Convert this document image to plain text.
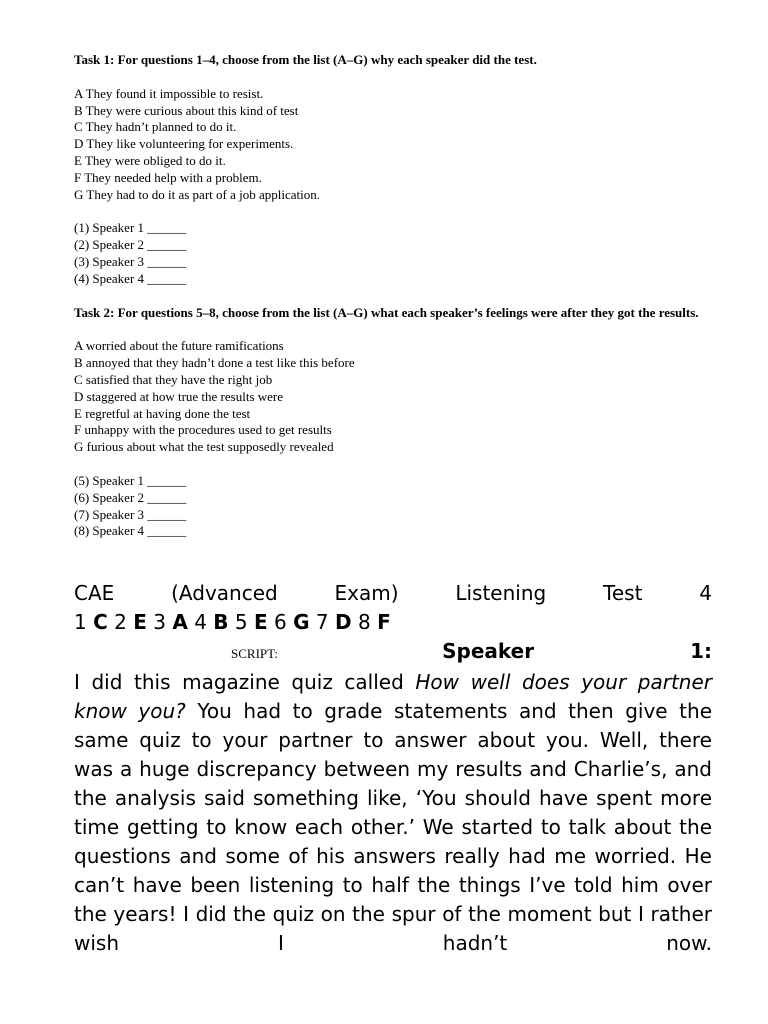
Task 1: For questions 1–4, choose from the list (A–G) why each speaker did the test.
A They found it impossible to resist.
B They were curious about this kind of test
C They hadn’t planned to do it.
D They like volunteering for experiments.
E They were obliged to do it.
F They needed help with a problem.
G They had to do it as part of a job application.
(1) Speaker 1 ______
(2) Speaker 2 ______
(3) Speaker 3 ______
(4) Speaker 4 ______
Task 2: For questions 5–8, choose from the list (A–G) what each speaker’s feelings were after they got the results.
A worried about the future ramifications
B annoyed that they hadn’t done a test like this before
C satisfied that they have the right job
D staggered at how true the results were
E regretful at having done the test
F unhappy with the procedures used to get results
G furious about what the test supposedly revealed
(5) Speaker 1 ______
(6) Speaker 2 ______
(7) Speaker 3 ______
(8) Speaker 4 ______
CAE	(Advanced	Exam)	Listening	Test	4
1 C 2 E 3 A 4 B 5 E 6 G 7 D 8 F
SCRIPT:	Speaker	1:
I did this magazine quiz called How well does your partner know you? You had to grade statements and then give the same quiz to your partner to answer about you. Well, there was a huge discrepancy between my results and Charlie’s, and the analysis said something like, ‘You should have spent more time getting to know each other.’ We started to talk about the questions and some of his answers really had me worried. He can’t have been listening to half the things I’ve told him over the years! I did the quiz on the spur of the moment but I rather wish I hadn’t now.
